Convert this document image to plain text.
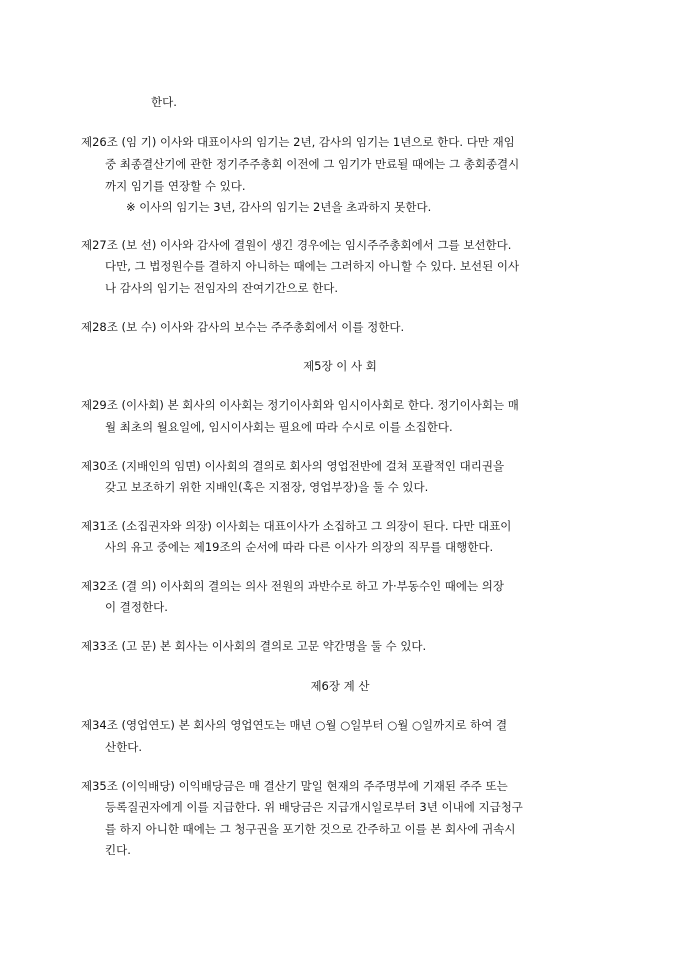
한다.
제26조 (임 기) 이사와 대표이사의 임기는 2년, 감사의 임기는 1년으로 한다. 다만 재임
중 최종결산기에 관한 정기주주총회 이전에 그 임기가 만료될 때에는 그 총회종결시
까지 임기를 연장할 수 있다.
※ 이사의 임기는 3년, 감사의 임기는 2년을 초과하지 못한다.
제27조 (보 선) 이사와 감사에 결원이 생긴 경우에는 임시주주총회에서 그를 보선한다.
다만, 그 법정원수를 결하지 아니하는 때에는 그러하지 아니할 수 있다. 보선된 이사
나 감사의 임기는 전임자의 잔여기간으로 한다.
제28조 (보 수) 이사와 감사의 보수는 주주총회에서 이를 정한다.
제5장 이 사 회
제29조 (이사회) 본 회사의 이사회는 정기이사회와 임시이사회로 한다. 정기이사회는 매
월 최초의 월요일에, 임시이사회는 필요에 따라 수시로 이를 소집한다.
제30조 (지배인의 임면) 이사회의 결의로 회사의 영업전반에 걸쳐 포괄적인 대리권을
갖고 보조하기 위한 지배인(혹은 지점장, 영업부장)을 둘 수 있다.
제31조 (소집권자와 의장) 이사회는 대표이사가 소집하고 그 의장이 된다. 다만 대표이
사의 유고 중에는 제19조의 순서에 따라 다른 이사가 의장의 직무를 대행한다.
제32조 (결 의) 이사회의 결의는 의사 전원의 과반수로 하고 가·부동수인 때에는 의장
이 결정한다.
제33조 (고 문) 본 회사는 이사회의 결의로 고문 약간명을 둘 수 있다.
제6장 계 산
제34조 (영업연도) 본 회사의 영업연도는 매년 ○월 ○일부터 ○월 ○일까지로 하여 결
산한다.
제35조 (이익배당) 이익배당금은 매 결산기 말일 현재의 주주명부에 기재된 주주 또는
등록질권자에게 이를 지급한다. 위 배당금은 지급개시일로부터 3년 이내에 지급청구
를 하지 아니한 때에는 그 청구권을 포기한 것으로 간주하고 이를 본 회사에 귀속시
킨다.
